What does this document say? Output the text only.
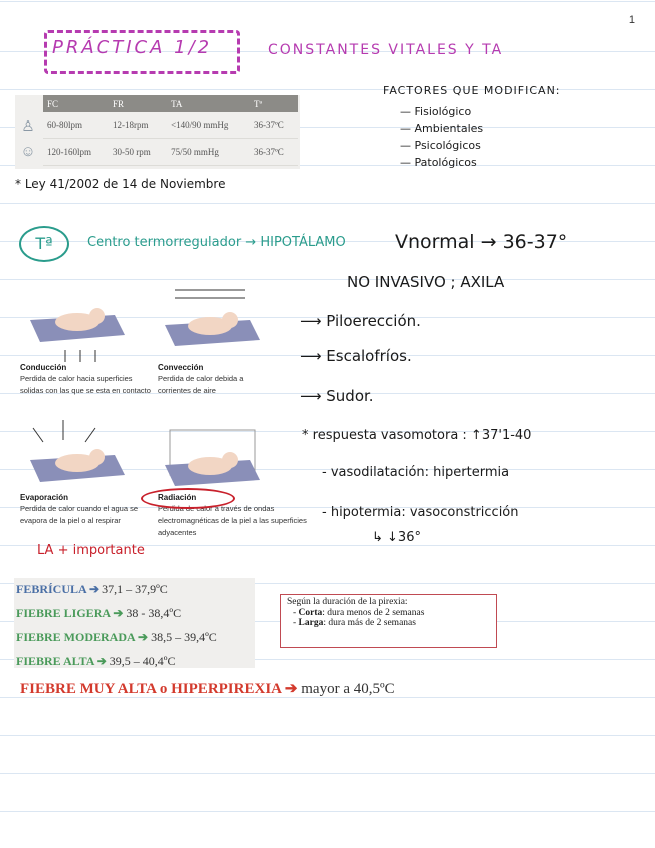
1
PRÁCTICA 1/2	CONSTANTES VITALES Y TA
♙
☺
FC	FR	TA	Tª
60-80lpm	12-18rpm	<140/90 mmHg	36-37ºC
120-160lpm	30-50 rpm	75/50 mmHg	36-37ºC
FACTORES QUE MODIFICAN:
— Fisiológico
— Ambientales
— Psicológicos
— Patológicos
* Ley 41/2002 de 14 de Noviembre
Tª	Centro termorregulador → HIPOTÁLAMO	Vnormal → 36-37°
NO INVASIVO ; AXILA
⟶ Piloerección.
⟶ Escalofríos.
⟶ Sudor.
* respuesta vasomotora : ↑37'1-40
- vasodilatación: hipertermia
- hipotermia: vasoconstricción
↳ ↓36°
Conducción
Perdida de calor hacia superficies solidas con las que se esta en contacto
Convección
Perdida de calor debida a corrientes de aire
Evaporación
Perdida de calor cuando el agua se evapora de la piel o al respirar
Radiación
Perdida de calor a través de ondas electromagnéticas de la piel a las superficies adyacentes
LA + importante
FEBRÍCULA ➔ 37,1 – 37,9ºC
FIEBRE LIGERA ➔ 38 - 38,4ºC
FIEBRE MODERADA ➔ 38,5 – 39,4ºC
FIEBRE ALTA ➔ 39,5 – 40,4ºC

Según la duración de la pirexia:

- Corta: dura menos de 2 semanas
- Larga: dura más de 2 semanas
FIEBRE MUY ALTA o HIPERPIREXIA ➔ mayor a 40,5ºC
